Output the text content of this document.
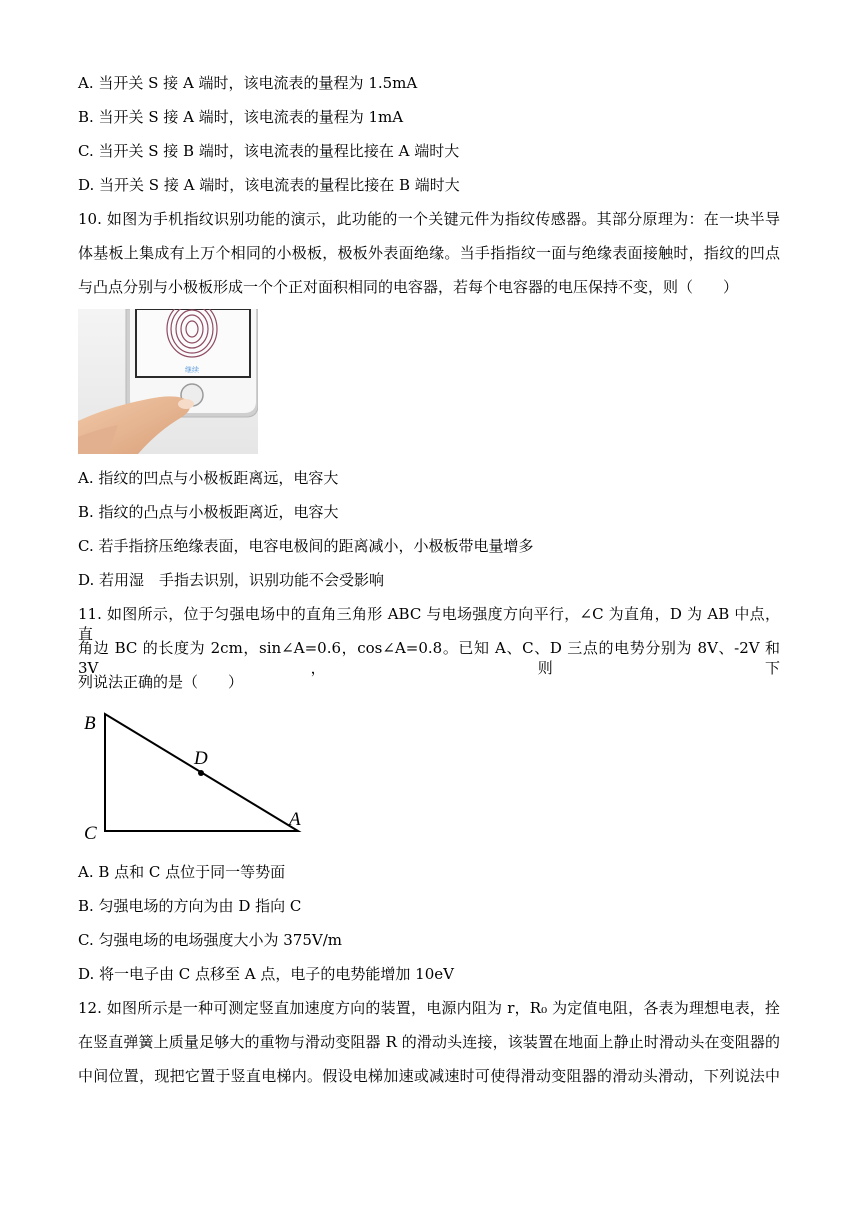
A. 当开关 S 接 A 端时，该电流表的量程为 1.5mA
B. 当开关 S 接 A 端时，该电流表的量程为 1mA
C. 当开关 S 接 B 端时，该电流表的量程比接在 A 端时大
D. 当开关 S 接 A 端时，该电流表的量程比接在 B 端时大
10. 如图为手机指纹识别功能的演示，此功能的一个关键元件为指纹传感器。其部分原理为：在一块半导
体基板上集成有上万个相同的小极板，极板外表面绝缘。当手指指纹一面与绝缘表面接触时，指纹的凹点
与凸点分别与小极板形成一个个正对面积相同的电容器，若每个电容器的电压保持不变，则（　　）
继续
A. 指纹的凹点与小极板距离远，电容大
B. 指纹的凸点与小极板距离近，电容大
C. 若手指挤压绝缘表面，电容电极间的距离减小，小极板带电量增多
D. 若用湿　手指去识别，识别功能不会受影响
11. 如图所示，位于匀强电场中的直角三角形 ABC 与电场强度方向平行，∠C 为直角，D 为 AB 中点，直
角边 BC 的长度为 2cm，sin∠A=0.6，cos∠A=0.8。已知 A、C、D 三点的电势分别为 8V、-2V 和 3V，则下
列说法正确的是（　　）
B
D
C
A
A. B 点和 C 点位于同一等势面
B. 匀强电场的方向为由 D 指向 C
C. 匀强电场的电场强度大小为 375V/m
D. 将一电子由 C 点移至 A 点，电子的电势能增加 10eV
12. 如图所示是一种可测定竖直加速度方向的装置，电源内阻为 r，R₀ 为定值电阻，各表为理想电表，拴
在竖直弹簧上质量足够大的重物与滑动变阻器 R 的滑动头连接，该装置在地面上静止时滑动头在变阻器的
中间位置，现把它置于竖直电梯内。假设电梯加速或减速时可使得滑动变阻器的滑动头滑动，下列说法中
